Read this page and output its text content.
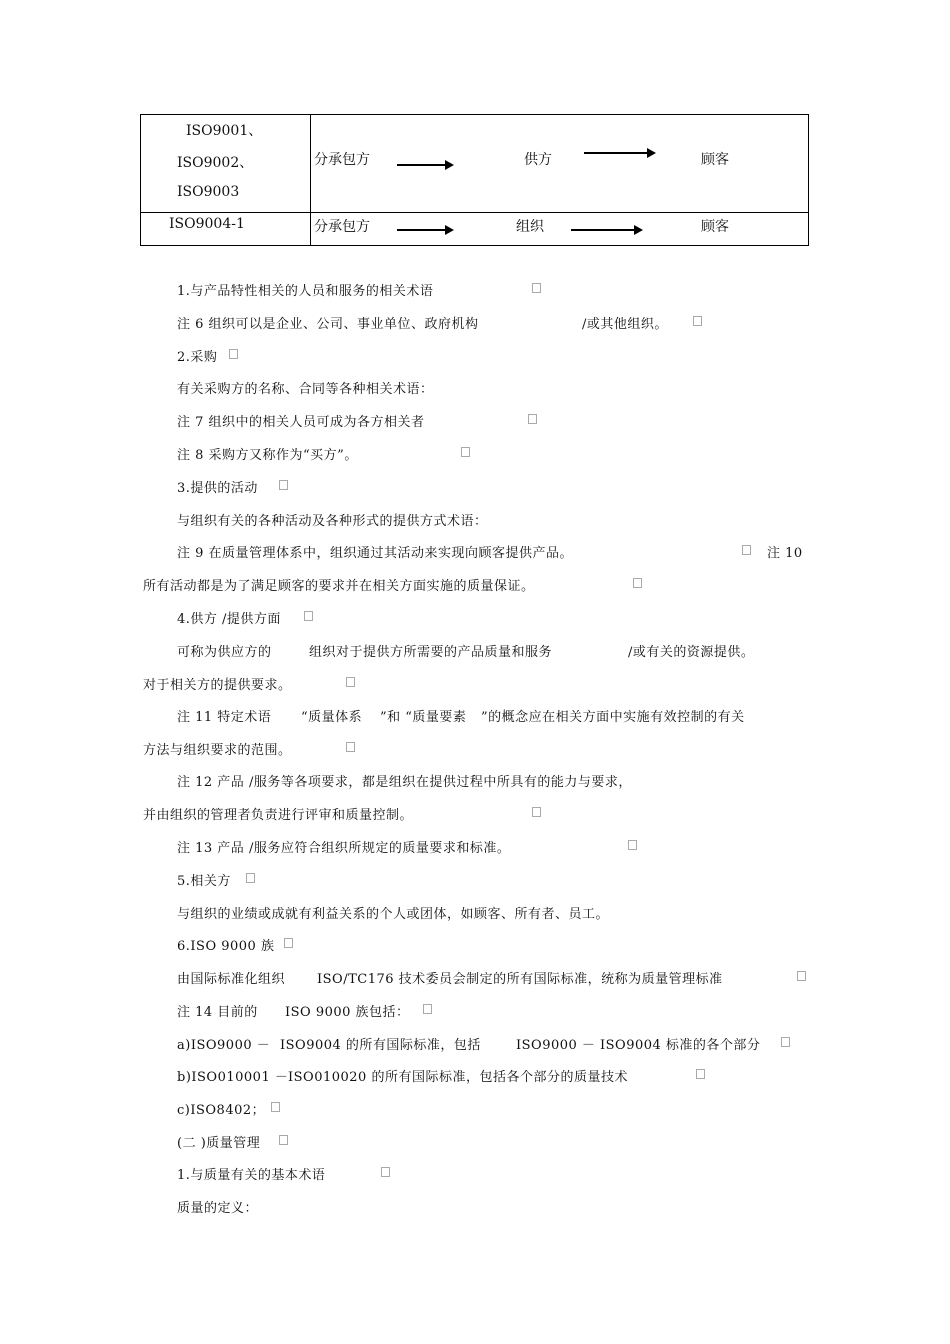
ISO9001、
ISO9002、
ISO9003
分承包方	供方	顾客
ISO9004-1	分承包方	组织	顾客
1.与产品特性相关的人员和服务的相关术语
注 6 组织可以是企业、公司、事业单位、政府机构	/或其他组织。
2.采购
有关采购方的名称、合同等各种相关术语：
注 7 组织中的相关人员可成为各方相关者
注 8 采购方又称作为“买方”。
3.提供的活动
与组织有关的各种活动及各种形式的提供方式术语：
注 9 在质量管理体系中，组织通过其活动来实现向顾客提供产品。	注 10
所有活动都是为了满足顾客的要求并在相关方面实施的质量保证。
4.供方 /提供方面
可称为供应方的	组织对于提供方所需要的产品质量和服务	/或有关的资源提供。
对于相关方的提供要求。
注 11 特定术语 “质量体系 ”和 “质量要素 ”的概念应在相关方面中实施有效控制的有关
方法与组织要求的范围。
注 12 产品 /服务等各项要求，都是组织在提供过程中所具有的能力与要求，
并由组织的管理者负责进行评审和质量控制。
注 13 产品 /服务应符合组织所规定的质量要求和标准。
5.相关方
与组织的业绩或成就有利益关系的个人或团体，如顾客、所有者、员工。
6.ISO 9000 族
由国际标准化组织 ISO/TC176 技术委员会制定的所有国际标准，统称为质量管理标准
注 14 目前的 ISO 9000 族包括：
a)ISO9000 － ISO9004 的所有国际标准，包括	ISO9000 － ISO9004 标准的各个部分
b)ISO010001 － ISO010020 的所有国际标准，包括各个部分的质量技术
c)ISO8402；
(二 )质量管理
1.与质量有关的基本术语
质量的定义：
